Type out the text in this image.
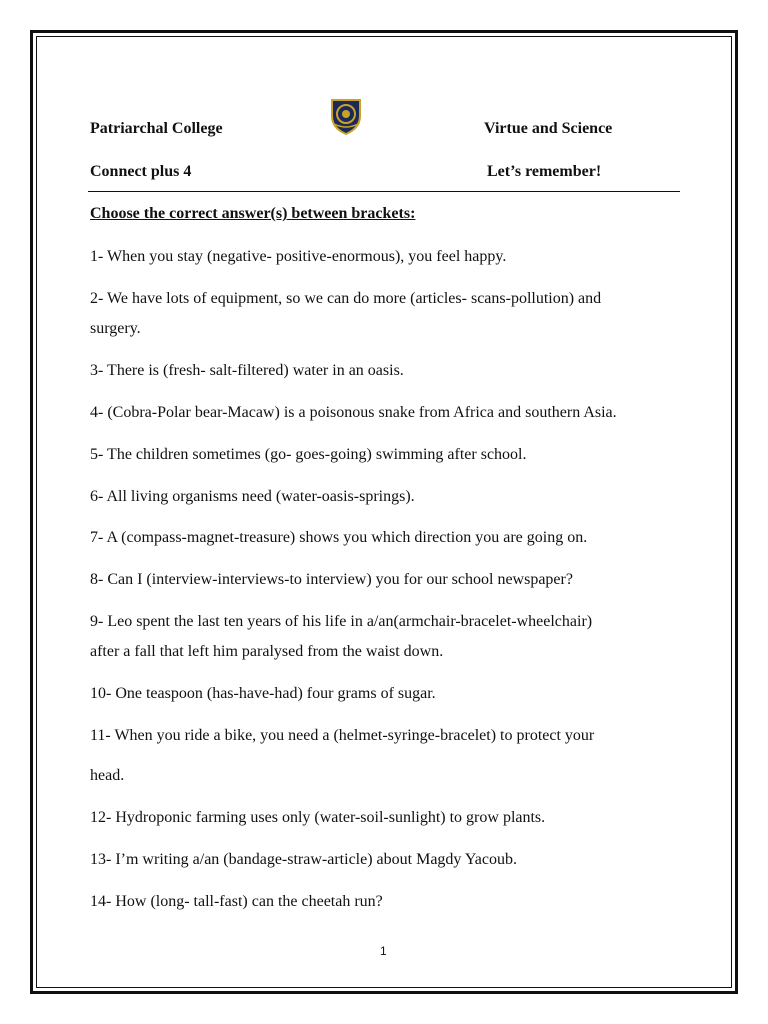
Patriarchal College	Virtue and Science
Connect plus 4	Let’s remember!
Choose the correct answer(s) between brackets:
1- When you stay (negative- positive-enormous), you feel happy.
2- We have lots of equipment, so we can do more (articles- scans-pollution) and
surgery.
3- There is (fresh- salt-filtered) water in an oasis.
4- (Cobra-Polar bear-Macaw) is a poisonous snake from Africa and southern Asia.
5- The children sometimes (go- goes-going) swimming after school.
6- All living organisms need (water-oasis-springs).
7- A (compass-magnet-treasure) shows you which direction you are going on.
8- Can I (interview-interviews-to interview) you for our school newspaper?
9- Leo spent the last ten years of his life in a/an(armchair-bracelet-wheelchair)
after a fall that left him paralysed from the waist down.
10- One teaspoon (has-have-had) four grams of sugar.
11- When you ride a bike, you need a (helmet-syringe-bracelet) to protect your
head.
12- Hydroponic farming uses only (water-soil-sunlight) to grow plants.
13- I’m writing a/an (bandage-straw-article) about Magdy Yacoub.
14- How (long- tall-fast) can the cheetah run?
1
